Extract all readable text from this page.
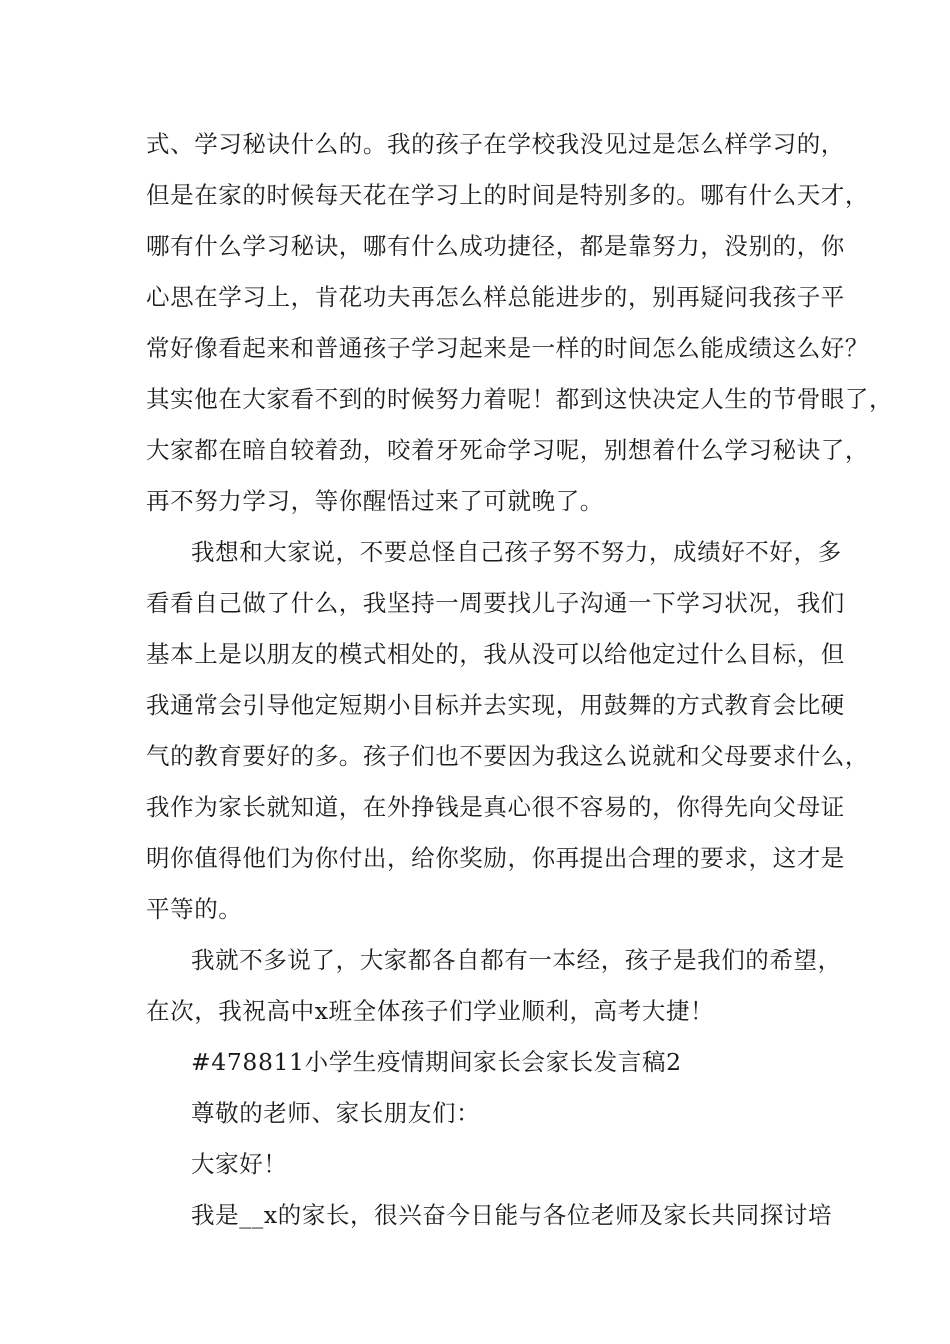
式、学习秘诀什么的。我的孩子在学校我没见过是怎么样学习的，
但是在家的时候每天花在学习上的时间是特别多的。哪有什么天才，
哪有什么学习秘诀，哪有什么成功捷径，都是靠努力，没别的，你
心思在学习上，肯花功夫再怎么样总能进步的，别再疑问我孩子平
常好像看起来和普通孩子学习起来是一样的时间怎么能成绩这么好？
其实他在大家看不到的时候努力着呢！都到这快决定人生的节骨眼了，
大家都在暗自较着劲，咬着牙死命学习呢，别想着什么学习秘诀了，
再不努力学习，等你醒悟过来了可就晚了。
我想和大家说，不要总怪自己孩子努不努力，成绩好不好，多
看看自己做了什么，我坚持一周要找儿子沟通一下学习状况，我们
基本上是以朋友的模式相处的，我从没可以给他定过什么目标，但
我通常会引导他定短期小目标并去实现，用鼓舞的方式教育会比硬
气的教育要好的多。孩子们也不要因为我这么说就和父母要求什么，
我作为家长就知道，在外挣钱是真心很不容易的，你得先向父母证
明你值得他们为你付出，给你奖励，你再提出合理的要求，这才是
平等的。
我就不多说了，大家都各自都有一本经，孩子是我们的希望，
在次，我祝高中x班全体孩子们学业顺利，高考大捷！
#478811小学生疫情期间家长会家长发言稿2
尊敬的老师、家长朋友们：
大家好！
我是__x的家长，很兴奋今日能与各位老师及家长共同探讨培
